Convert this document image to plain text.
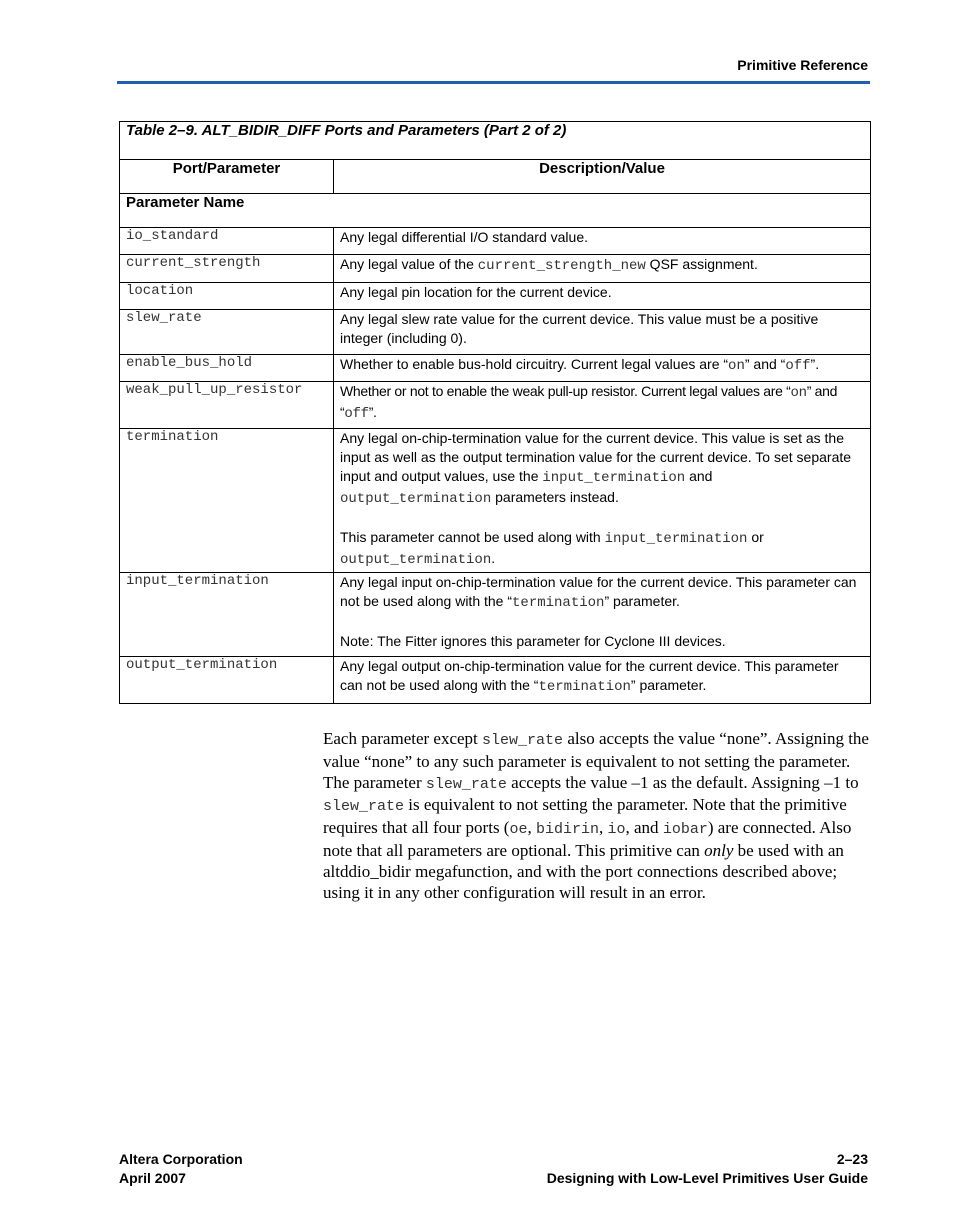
Primitive Reference
Table 2–9. ALT_BIDIR_DIFF Ports and Parameters (Part 2 of 2)	
Port/Parameter	Description/Value
Parameter Name	
io_standard	Any legal differential I/O standard value.
current_strength	Any legal value of the current_strength_new QSF assignment.
location	Any legal pin location for the current device.
slew_rate	Any legal slew rate value for the current device. This value must be a positive integer (including 0).
enable_bus_hold	Whether to enable bus-hold circuitry. Current legal values are “on” and “off”.
weak_pull_up_resistor	Whether or not to enable the weak pull-up resistor. Current legal values are “on” and “off”.
termination	Any legal on-chip-termination value for the current device. This value is set as the input as well as the output termination value for the current device. To set separate input and output values, use the input_termination and output_termination parameters instead.
This parameter cannot be used along with input_termination or output_termination.

input_termination	Any legal input on-chip-termination value for the current device. This parameter can not be used along with the “termination” parameter.
Note: The Fitter ignores this parameter for Cyclone III devices.

output_termination	Any legal output on-chip-termination value for the current device. This parameter can not be used along with the “termination” parameter.
Each parameter except slew_rate also accepts the value “none”. Assigning the value “none” to any such parameter is equivalent to not setting the parameter. The parameter slew_rate accepts the value –1 as the default. Assigning –1 to slew_rate is equivalent to not setting the parameter. Note that the primitive requires that all four ports (oe, bidirin, io, and iobar) are connected. Also note that all parameters are optional. This primitive can only be used with an altddio_bidir megafunction, and with the port connections described above; using it in any other configuration will result in an error.
Altera Corporation
April 2007
2–23
Designing with Low-Level Primitives User Guide
